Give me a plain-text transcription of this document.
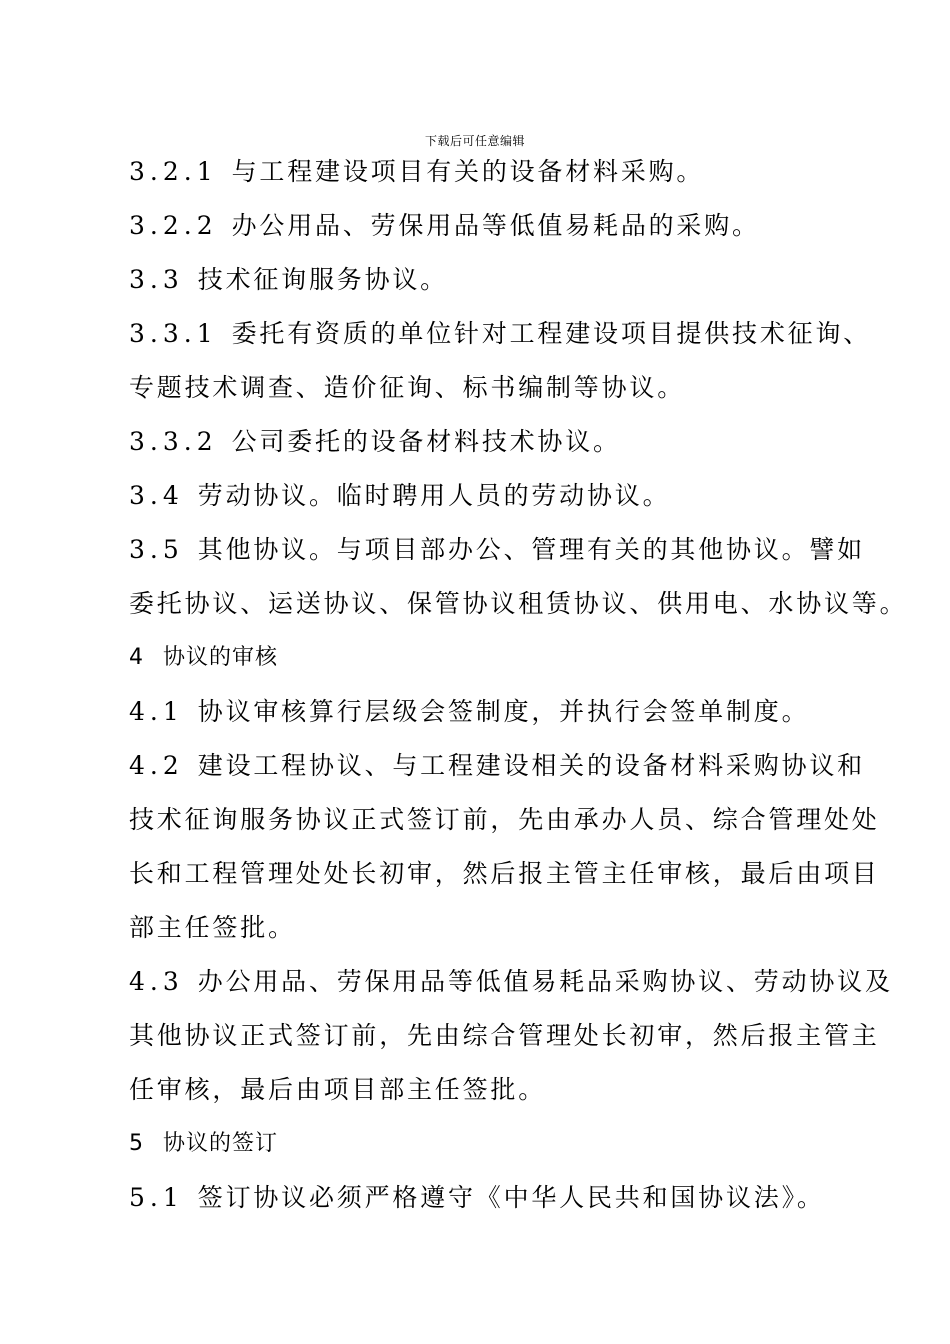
下载后可任意编辑
3.2.1 与工程建设项目有关的设备材料采购。
3.2.2 办公用品、劳保用品等低值易耗品的采购。
3.3 技术征询服务协议。
3.3.1 委托有资质的单位针对工程建设项目提供技术征询、
专题技术调查、造价征询、标书编制等协议。
3.3.2 公司委托的设备材料技术协议。
3.4 劳动协议。临时聘用人员的劳动协议。
3.5 其他协议。与项目部办公、管理有关的其他协议。譬如
委托协议、运送协议、保管协议租赁协议、供用电、水协议等。
4 协议的审核
4.1 协议审核算行层级会签制度，并执行会签单制度。
4.2 建设工程协议、与工程建设相关的设备材料采购协议和
技术征询服务协议正式签订前，先由承办人员、综合管理处处
长和工程管理处处长初审，然后报主管主任审核，最后由项目
部主任签批。
4.3 办公用品、劳保用品等低值易耗品采购协议、劳动协议及
其他协议正式签订前，先由综合管理处长初审，然后报主管主
任审核，最后由项目部主任签批。
5 协议的签订
5.1 签订协议必须严格遵守《中华人民共和国协议法》。
